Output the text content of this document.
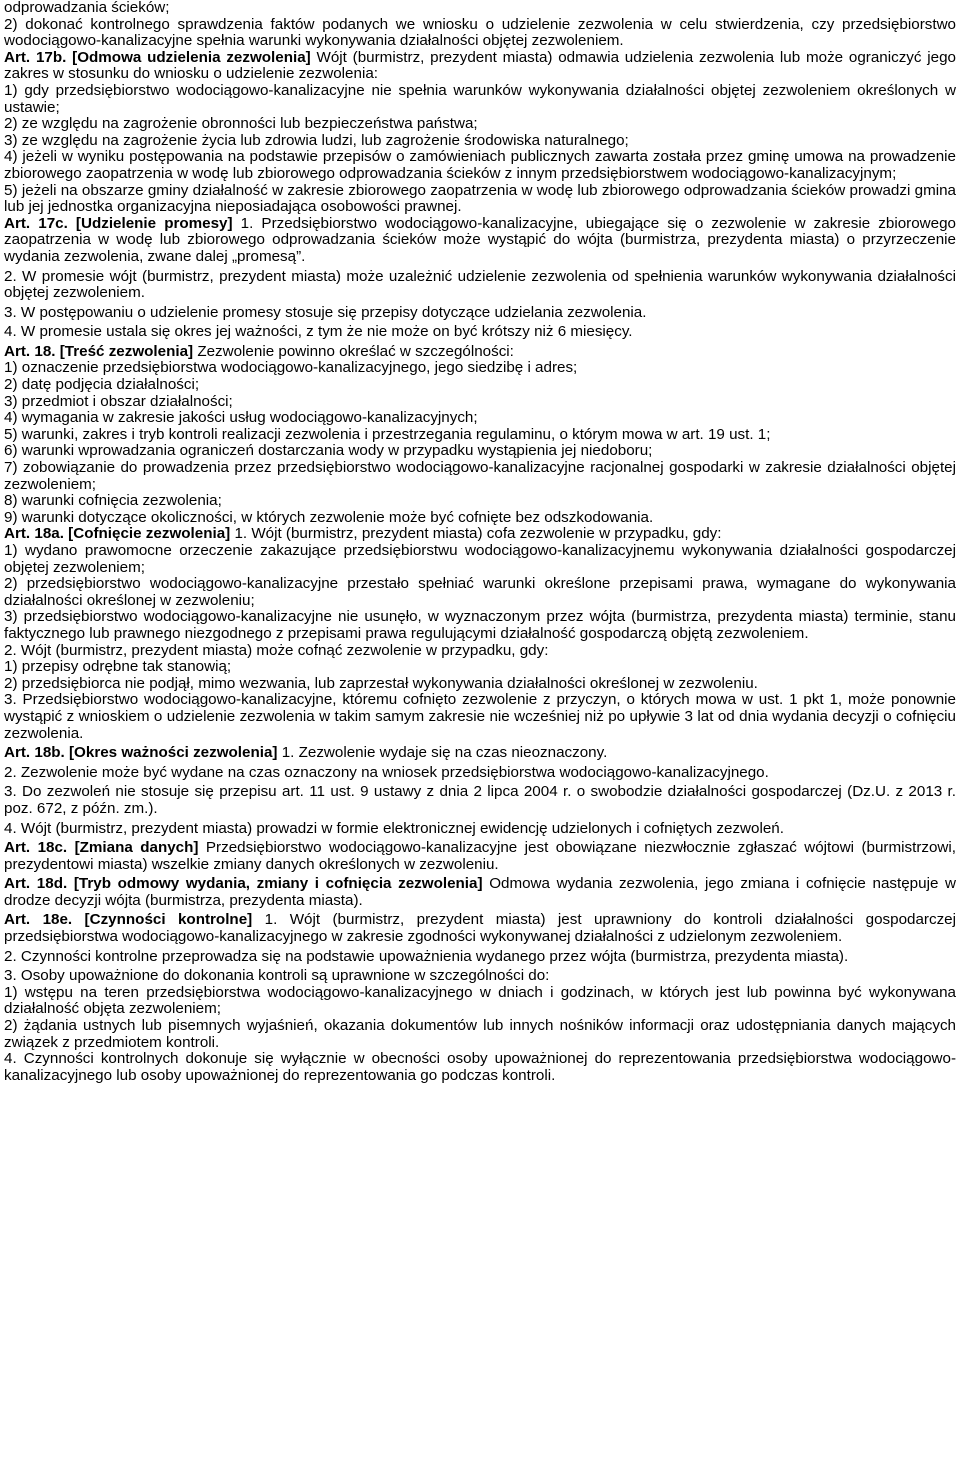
odprowadzania ścieków;

2) dokonać kontrolnego sprawdzenia faktów podanych we wniosku o udzielenie zezwolenia w celu stwierdzenia, czy przedsiębiorstwo wodociągowo-kanalizacyjne spełnia warunki wykonywania działalności objętej zezwoleniem.

Art. 17b. [Odmowa udzielenia zezwolenia] Wójt (burmistrz, prezydent miasta) odmawia udzielenia zezwolenia lub może ograniczyć jego zakres w stosunku do wniosku o udzielenie zezwolenia:

1) gdy przedsiębiorstwo wodociągowo-kanalizacyjne nie spełnia warunków wykonywania działalności objętej zezwoleniem określonych w ustawie;

2) ze względu na zagrożenie obronności lub bezpieczeństwa państwa;

3) ze względu na zagrożenie życia lub zdrowia ludzi, lub zagrożenie środowiska naturalnego;

4) jeżeli w wyniku postępowania na podstawie przepisów o zamówieniach publicznych zawarta została przez gminę umowa na prowadzenie zbiorowego zaopatrzenia w wodę lub zbiorowego odprowadzania ścieków z innym przedsiębiorstwem wodociągowo-kanalizacyjnym;

5) jeżeli na obszarze gminy działalność w zakresie zbiorowego zaopatrzenia w wodę lub zbiorowego odprowadzania ścieków prowadzi gmina lub jej jednostka organizacyjna nieposiadająca osobowości prawnej.

Art. 17c. [Udzielenie promesy] 1. Przedsiębiorstwo wodociągowo-kanalizacyjne, ubiegające się o zezwolenie w zakresie zbiorowego zaopatrzenia w wodę lub zbiorowego odprowadzania ścieków może wystąpić do wójta (burmistrza, prezydenta miasta) o przyrzeczenie wydania zezwolenia, zwane dalej „promesą”.

2. W promesie wójt (burmistrz, prezydent miasta) może uzależnić udzielenie zezwolenia od spełnienia warunków wykonywania działalności objętej zezwoleniem.

3. W postępowaniu o udzielenie promesy stosuje się przepisy dotyczące udzielania zezwolenia.

4. W promesie ustala się okres jej ważności, z tym że nie może on być krótszy niż 6 miesięcy.

Art. 18. [Treść zezwolenia] Zezwolenie powinno określać w szczególności:

1) oznaczenie przedsiębiorstwa wodociągowo-kanalizacyjnego, jego siedzibę i adres;

2) datę podjęcia działalności;

3) przedmiot i obszar działalności;

4) wymagania w zakresie jakości usług wodociągowo-kanalizacyjnych;

5) warunki, zakres i tryb kontroli realizacji zezwolenia i przestrzegania regulaminu, o którym mowa w art. 19 ust. 1;

6) warunki wprowadzania ograniczeń dostarczania wody w przypadku wystąpienia jej niedoboru;

7) zobowiązanie do prowadzenia przez przedsiębiorstwo wodociągowo-kanalizacyjne racjonalnej gospodarki w zakresie działalności objętej zezwoleniem;

8) warunki cofnięcia zezwolenia;

9) warunki dotyczące okoliczności, w których zezwolenie może być cofnięte bez odszkodowania.

Art. 18a. [Cofnięcie zezwolenia] 1. Wójt (burmistrz, prezydent miasta) cofa zezwolenie w przypadku, gdy:

1) wydano prawomocne orzeczenie zakazujące przedsiębiorstwu wodociągowo-kanalizacyjnemu wykonywania działalności gospodarczej objętej zezwoleniem;

2) przedsiębiorstwo wodociągowo-kanalizacyjne przestało spełniać warunki określone przepisami prawa, wymagane do wykonywania działalności określonej w zezwoleniu;

3) przedsiębiorstwo wodociągowo-kanalizacyjne nie usunęło, w wyznaczonym przez wójta (burmistrza, prezydenta miasta) terminie, stanu faktycznego lub prawnego niezgodnego z przepisami prawa regulującymi działalność gospodarczą objętą zezwoleniem.

2. Wójt (burmistrz, prezydent miasta) może cofnąć zezwolenie w przypadku, gdy:

1) przepisy odrębne tak stanowią;

2) przedsiębiorca nie podjął, mimo wezwania, lub zaprzestał wykonywania działalności określonej w zezwoleniu.

3. Przedsiębiorstwo wodociągowo-kanalizacyjne, któremu cofnięto zezwolenie z przyczyn, o których mowa w ust. 1 pkt 1, może ponownie wystąpić z wnioskiem o udzielenie zezwolenia w takim samym zakresie nie wcześniej niż po upływie 3 lat od dnia wydania decyzji o cofnięciu zezwolenia.

Art. 18b. [Okres ważności zezwolenia] 1. Zezwolenie wydaje się na czas nieoznaczony.

2. Zezwolenie może być wydane na czas oznaczony na wniosek przedsiębiorstwa wodociągowo-kanalizacyjnego.

3. Do zezwoleń nie stosuje się przepisu art. 11 ust. 9 ustawy z dnia 2 lipca 2004 r. o swobodzie działalności gospodarczej (Dz.U. z 2013 r. poz. 672, z późn. zm.).

4. Wójt (burmistrz, prezydent miasta) prowadzi w formie elektronicznej ewidencję udzielonych i cofniętych zezwoleń.

Art. 18c. [Zmiana danych] Przedsiębiorstwo wodociągowo-kanalizacyjne jest obowiązane niezwłocznie zgłaszać wójtowi (burmistrzowi, prezydentowi miasta) wszelkie zmiany danych określonych w zezwoleniu.

Art. 18d. [Tryb odmowy wydania, zmiany i cofnięcia zezwolenia] Odmowa wydania zezwolenia, jego zmiana i cofnięcie następuje w drodze decyzji wójta (burmistrza, prezydenta miasta).

Art. 18e. [Czynności kontrolne] 1. Wójt (burmistrz, prezydent miasta) jest uprawniony do kontroli działalności gospodarczej przedsiębiorstwa wodociągowo-kanalizacyjnego w zakresie zgodności wykonywanej działalności z udzielonym zezwoleniem.

2. Czynności kontrolne przeprowadza się na podstawie upoważnienia wydanego przez wójta (burmistrza, prezydenta miasta).

3. Osoby upoważnione do dokonania kontroli są uprawnione w szczególności do:

1) wstępu na teren przedsiębiorstwa wodociągowo-kanalizacyjnego w dniach i godzinach, w których jest lub powinna być wykonywana działalność objęta zezwoleniem;

2) żądania ustnych lub pisemnych wyjaśnień, okazania dokumentów lub innych nośników informacji oraz udostępniania danych mających związek z przedmiotem kontroli.

4. Czynności kontrolnych dokonuje się wyłącznie w obecności osoby upoważnionej do reprezentowania przedsiębiorstwa wodociągowo-kanalizacyjnego lub osoby upoważnionej do reprezentowania go podczas kontroli.
